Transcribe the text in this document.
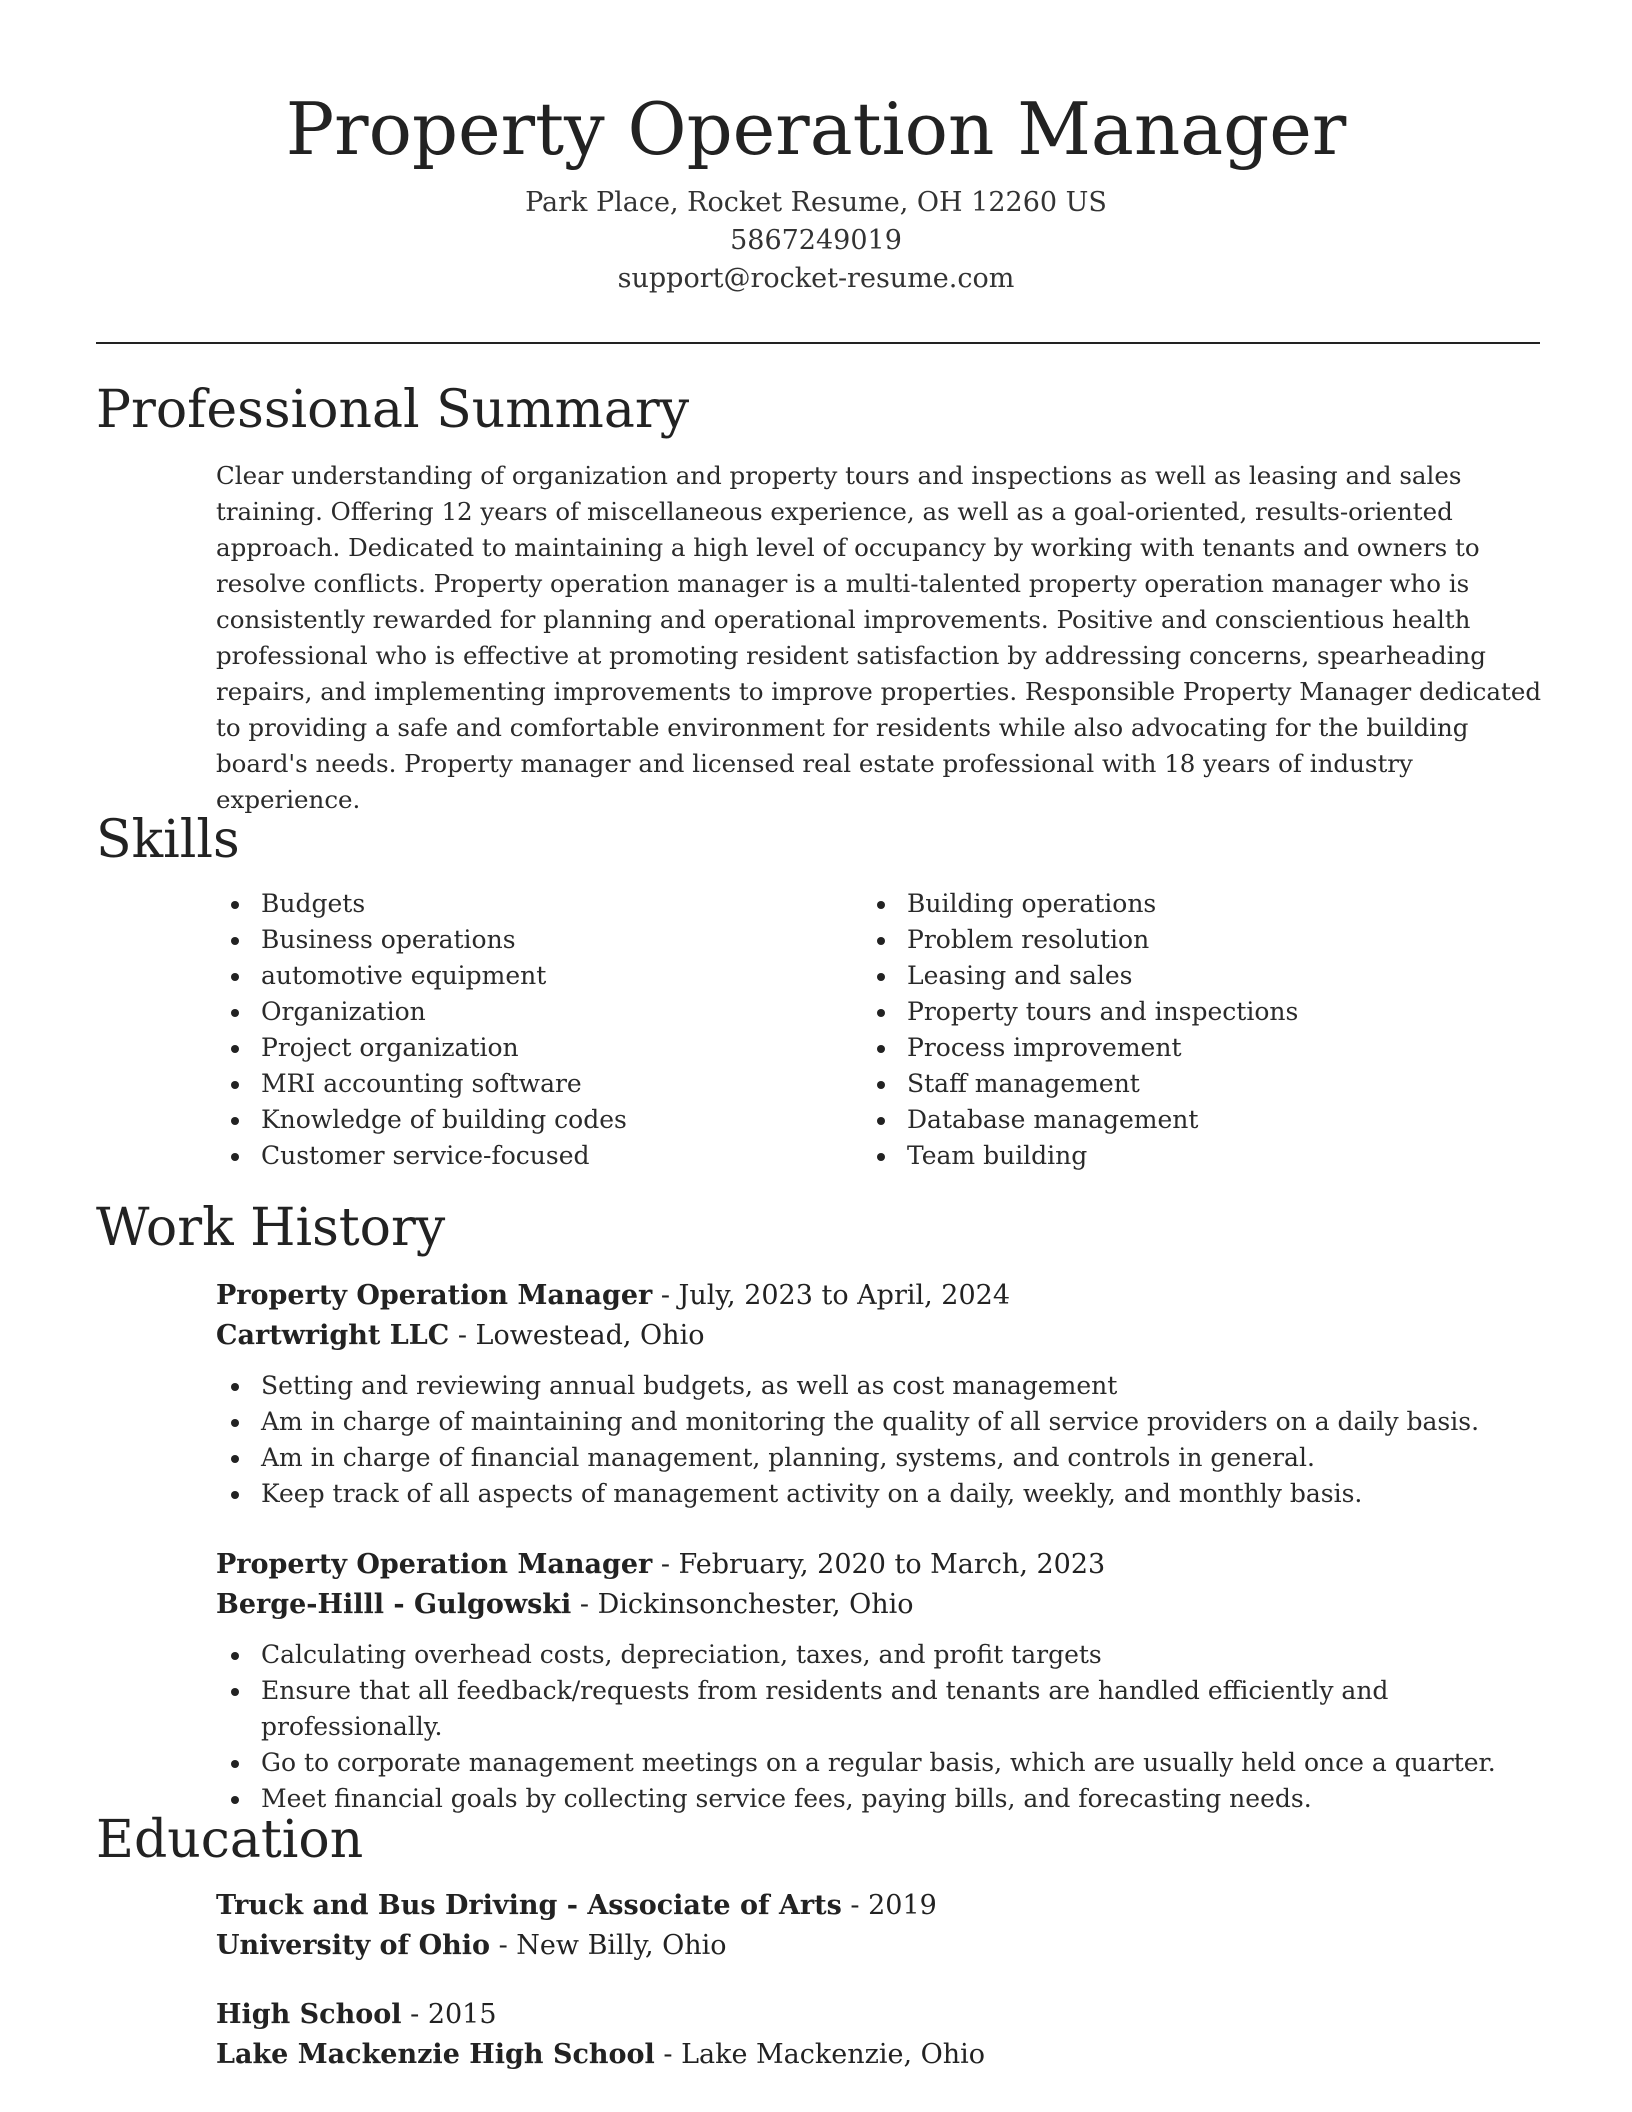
Property Operation Manager
Park Place, Rocket Resume, OH 12260 US
5867249019
support@rocket-resume.com
Professional Summary

Clear understanding of organization and property tours and inspections as well as leasing and sales training. Offering 12 years of miscellaneous experience, as well as a goal-oriented, results-oriented approach. Dedicated to maintaining a high level of occupancy by working with tenants and owners to resolve conflicts. Property operation manager is a multi-talented property operation manager who is consistently rewarded for planning and operational improvements. Positive and conscientious health professional who is effective at promoting resident satisfaction by addressing concerns, spearheading repairs, and implementing improvements to improve properties. Responsible Property Manager dedicated to providing a safe and comfortable environment for residents while also advocating for the building board's needs. Property manager and licensed real estate professional with 18 years of industry experience.

Skills
Budgets
Business operations
automotive equipment
Organization
Project organization
MRI accounting software
Knowledge of building codes
Customer service-focused
Building operations
Problem resolution
Leasing and sales
Property tours and inspections
Process improvement
Staff management
Database management
Team building
Work History
Property Operation Manager - July, 2023 to April, 2024
Cartwright LLC - Lowestead, Ohio
Setting and reviewing annual budgets, as well as cost management
Am in charge of maintaining and monitoring the quality of all service providers on a daily basis.
Am in charge of financial management, planning, systems, and controls in general.
Keep track of all aspects of management activity on a daily, weekly, and monthly basis.
Property Operation Manager - February, 2020 to March, 2023
Berge-Hilll - Gulgowski - Dickinsonchester, Ohio
Calculating overhead costs, depreciation, taxes, and profit targets
Ensure that all feedback/requests from residents and tenants are handled efficiently and professionally.
Go to corporate management meetings on a regular basis, which are usually held once a quarter.
Meet financial goals by collecting service fees, paying bills, and forecasting needs.
Education
Truck and Bus Driving - Associate of Arts - 2019
University of Ohio - New Billy, Ohio
High School - 2015
Lake Mackenzie High School - Lake Mackenzie, Ohio
